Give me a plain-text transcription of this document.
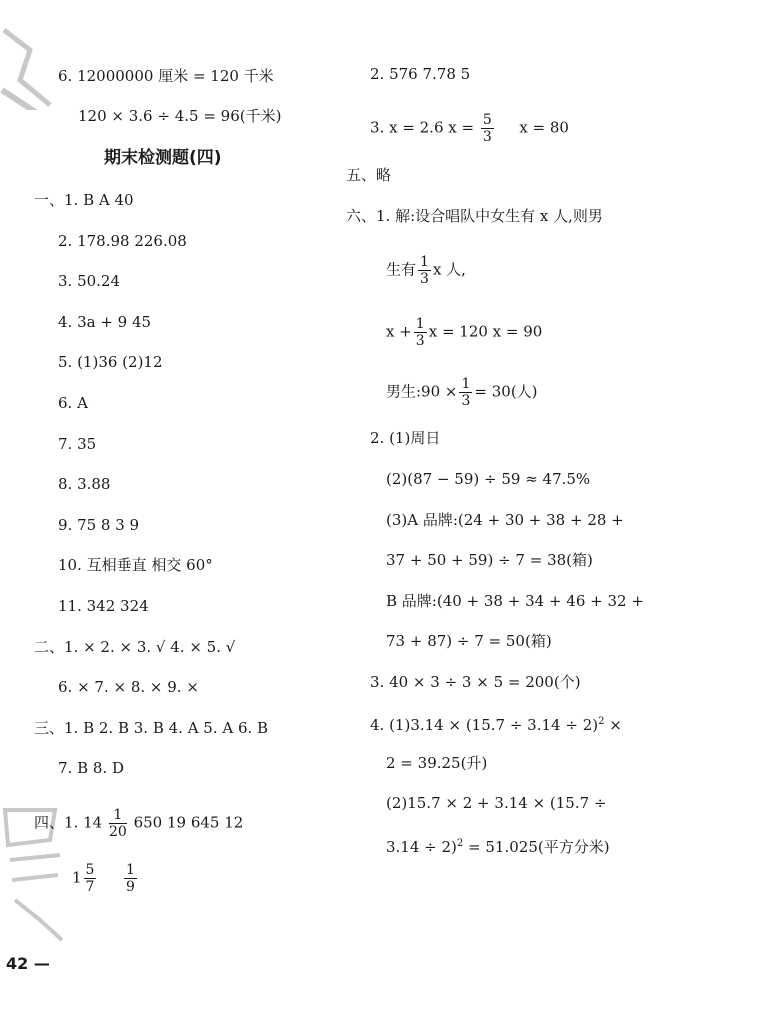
6. 12000000 厘米 = 120 千米
120 × 3.6 ÷ 4.5 = 96(千米)
期末检测题(四)
一、1. B A 40
2. 178.98 226.08
3. 50.24
4. 3a + 9 45
5. (1)36 (2)12
6. A
7. 35
8. 3.88
9. 75 8 3 9
10. 互相垂直 相交 60°
11. 342 324
二、1. × 2. × 3. √ 4. × 5. √
6. × 7. × 8. × 9. ×
三、1. B 2. B 3. B 4. A 5. A 6. B
7. B 8. D
四、1. $14 \frac{1}{20} 650$ 19 645 12
$1 \frac{5}{7}$
$\frac{1}{9}$
42 —
2. 576 7.78 5
3. x = 2.6 $x = \frac{5}{3}$ x = 80
五、略
六、1. 解:设合唱队中女生有 x 人,则男
生有 $\frac{1}{3}$ x 人,
$x + \frac{1}{3}$ x = 120 x = 90
男生:90 × $\frac{1}{3} = 30$(人)
2. (1)周日
(2)(87 − 59) ÷ 59 ≈ 47.5%
(3)A 品牌:(24 + 30 + 38 + 28 +
37 + 50 + 59) ÷ 7 = 38(箱)
B 品牌:(40 + 38 + 34 + 46 + 32 +
73 + 87) ÷ 7 = 50(箱)
3. 40 × 3 ÷ 3 × 5 = 200(个)
4. $(1)3.14 \times (15.7 \div 3.14 \div 2)^2$ ×
2 = 39.25(升)
(2)15.7 × 2 + 3.14 × (15.7 ÷
3.14 ÷ 2)$^2$ = 51.025(平方分米)
